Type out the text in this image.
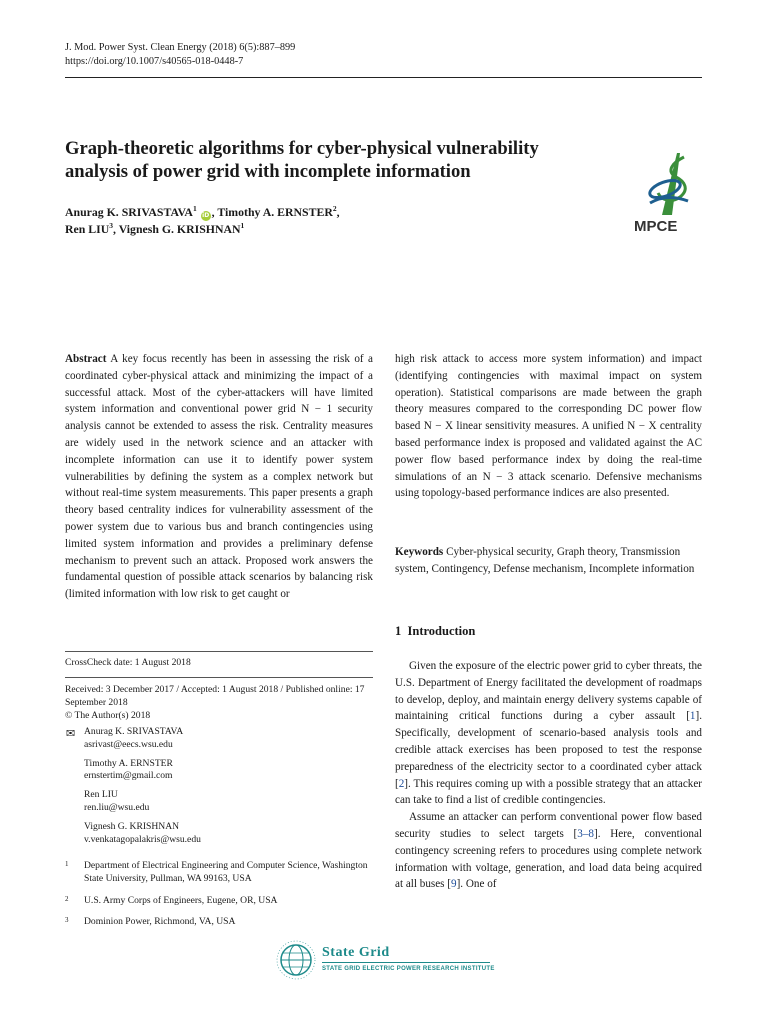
J. Mod. Power Syst. Clean Energy (2018) 6(5):887–899
https://doi.org/10.1007/s40565-018-0448-7
Graph-theoretic algorithms for cyber-physical vulnerability
analysis of power grid with incomplete information
Anurag K. SRIVASTAVA$^1$ iD , Timothy A. ERNSTER$^2$,
Ren LIU$^3$, Vignesh G. KRISHNAN$^1$	MPCE
Abstract A key focus recently has been in assessing the risk of a coordinated cyber-physical attack and minimizing the impact of a successful attack. Most of the cyber-attackers will have limited system information and conventional power grid N − 1 security analysis cannot be extended to assess the risk. Centrality measures are widely used in the network science and an attacker with incomplete information can use it to identify power system vulnerabilities by defining the system as a complex network but without real-time system measurements. This paper presents a graph theory based centrality indices for vulnerability assessment of the power system due to various bus and branch contingencies using limited system information and provides a preliminary defense mechanism to prevent such an attack. Proposed work answers the fundamental question of possible attack scenarios by balancing risk (limited information with low risk to get caught or
high risk attack to access more system information) and impact (identifying contingencies with maximal impact on system operation). Statistical comparisons are made between the graph theory measures compared to the corresponding DC power flow based N − X linear sensitivity measures. A unified N − X centrality based performance index is proposed and validated against the AC power flow based performance index by doing the real-time simulations of an N − 3 attack scenario. Defensive mechanisms using topology-based performance indices are also presented.
Keywords Cyber-physical security, Graph theory, Transmission system, Contingency, Defense mechanism, Incomplete information
1 Introduction

Given the exposure of the electric power grid to cyber threats, the U.S. Department of Energy facilitated the development of roadmaps to develop, deploy, and maintain energy delivery systems capable of maintaining critical functions during a cyber assault [1]. Specifically, development of scenario-based analysis tools and credible attack exercises has been proposed to test the response preparedness of the electricity sector to a coordinated cyber attack [2]. This requires coming up with a possible strategy that an attacker can take to find a list of credible contingencies.

Assume an attacker can perform conventional power flow based security studies to select targets [3–8]. Here, conventional contingency screening refers to procedures using complete network information with voltage, generation, and load data being acquired at all buses [9]. One of

CrossCheck date: 1 August 2018
Received: 3 December 2017 / Accepted: 1 August 2018 / Published online: 17 September 2018
© The Author(s) 2018
✉ Anurag K. SRIVASTAVA
asrivast@eecs.wsu.edu
Timothy A. ERNSTER
ernstertim@gmail.com
Ren LIU
ren.liu@wsu.edu
Vignesh G. KRISHNAN
v.venkatagopalakris@wsu.edu
1 Department of Electrical Engineering and Computer Science, Washington State University, Pullman, WA 99163, USA
2 U.S. Army Corps of Engineers, Eugene, OR, USA
3 Dominion Power, Richmond, VA, USA
State Grid
STATE GRID ELECTRIC POWER RESEARCH INSTITUTE
